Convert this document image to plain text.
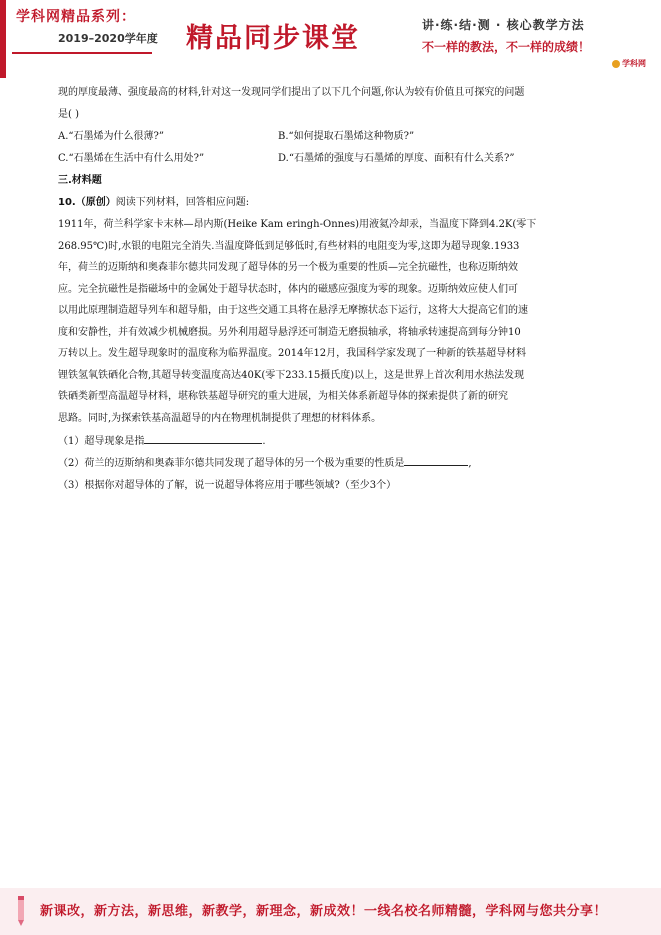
学科网精品系列：
2019–2020学年度 精品同步课堂	讲·练·结·测 · 核心教学方法
不一样的教法，不一样的成绩！
学科网

现的厚度最薄、强度最高的材料,针对这一发现同学们提出了以下几个问题,你认为较有价值且可探究的问题

是( )

A.“石墨烯为什么很薄?”	B.“如何提取石墨烯这种物质?”
C.“石墨烯在生活中有什么用处?”	D.“石墨烯的强度与石墨烯的厚度、面积有什么关系?”

三.材料题

10.（原创）阅读下列材料，回答相应问题:

1911年，荷兰科学家卡末林—昂内斯(Heike Kam eringh-Onnes)用液氦冷却汞，当温度下降到4.2K(零下

268.95℃)时,水银的电阻完全消失.当温度降低到足够低时,有些材料的电阻变为零,这即为超导现象.1933

年，荷兰的迈斯纳和奥森菲尔德共同发现了超导体的另一个极为重要的性质—完全抗磁性，也称迈斯纳效

应。完全抗磁性是指磁场中的金属处于超导状态时，体内的磁感应强度为零的现象。迈斯纳效应使人们可

以用此原理制造超导列车和超导船，由于这些交通工具将在悬浮无摩擦状态下运行，这将大大提高它们的速

度和安静性，并有效减少机械磨损。另外利用超导悬浮还可制造无磨损轴承，将轴承转速提高到每分钟10

万转以上。发生超导现象时的温度称为临界温度。2014年12月，我国科学家发现了一种新的铁基超导材料

锂铁氢氧铁硒化合物,其超导转变温度高达40K(零下233.15摄氏度)以上，这是世界上首次利用水热法发现

铁硒类新型高温超导材料，堪称铁基超导研究的重大进展，为相关体系新超导体的探索提供了新的研究

思路。同时,为探索铁基高温超导的内在物理机制提供了理想的材料体系。

（1）超导现象是指	.

（2）荷兰的迈斯纳和奥森菲尔德共同发现了超导体的另一个极为重要的性质是	,

（3）根据你对超导体的了解，说一说超导体将应用于哪些领域?（至少3个）

新课改，新方法，新思维，新教学，新理念，新成效！一线名校名师精髓，学科网与您共分享！
